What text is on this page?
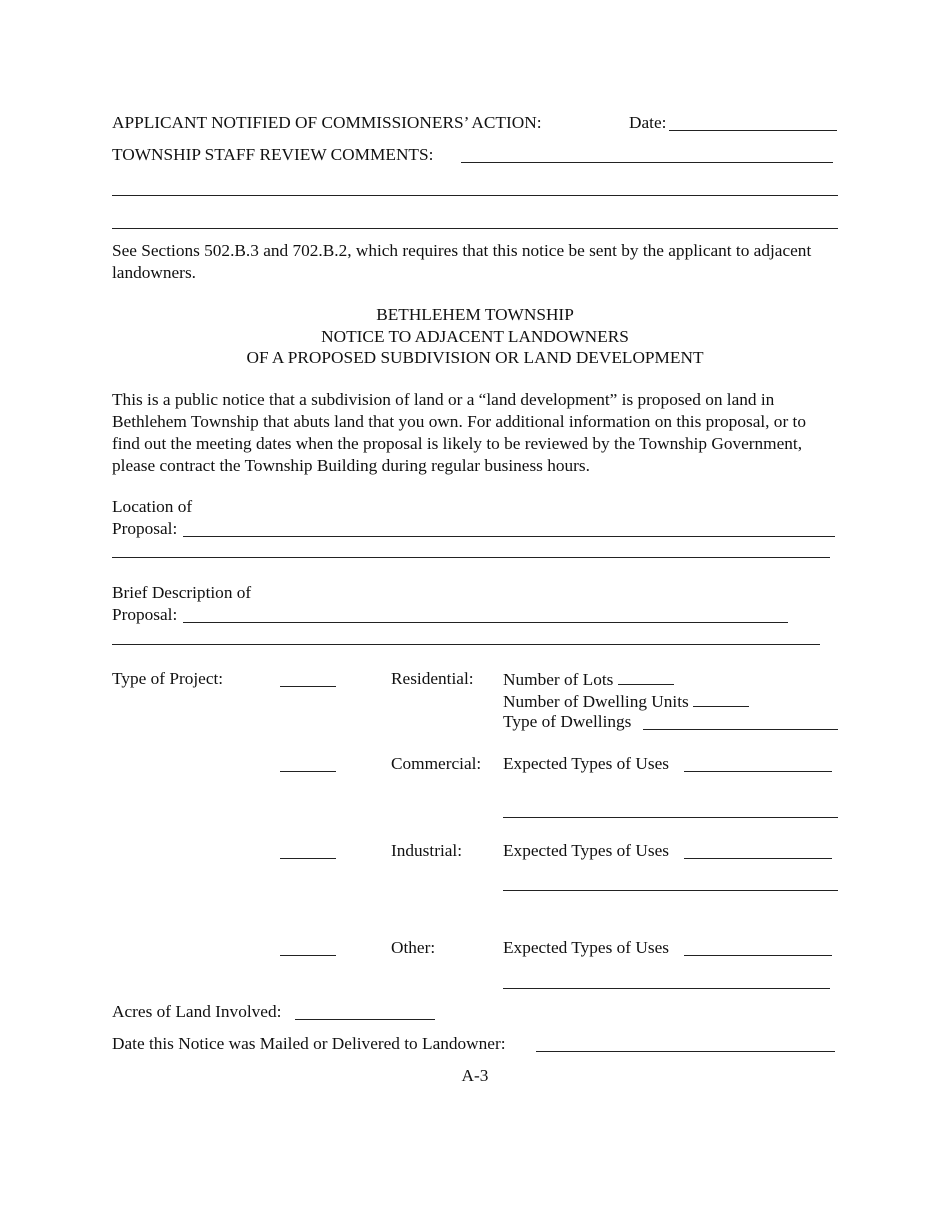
APPLICANT NOTIFIED OF COMMISSIONERS’ ACTION:	Date:
TOWNSHIP STAFF REVIEW COMMENTS:
See Sections 502.B.3 and 702.B.2, which requires that this notice be sent by the applicant to adjacent landowners.
BETHLEHEM TOWNSHIP
NOTICE TO ADJACENT LANDOWNERS
OF A PROPOSED SUBDIVISION OR LAND DEVELOPMENT
This is a public notice that a subdivision of land or a “land development” is proposed on land in Bethlehem Township that abuts land that you own. For additional information on this proposal, or to find out the meeting dates when the proposal is likely to be reviewed by the Township Government, please contract the Township Building during regular business hours.
Location of
Proposal:
Brief Description of
Proposal:
Type of Project:	Residential: Number of Lots
Number of Dwelling Units
Type of Dwellings
Commercial: Expected Types of Uses
Industrial: Expected Types of Uses
Other:	Expected Types of Uses
Acres of Land Involved:
Date this Notice was Mailed or Delivered to Landowner:
A-3
